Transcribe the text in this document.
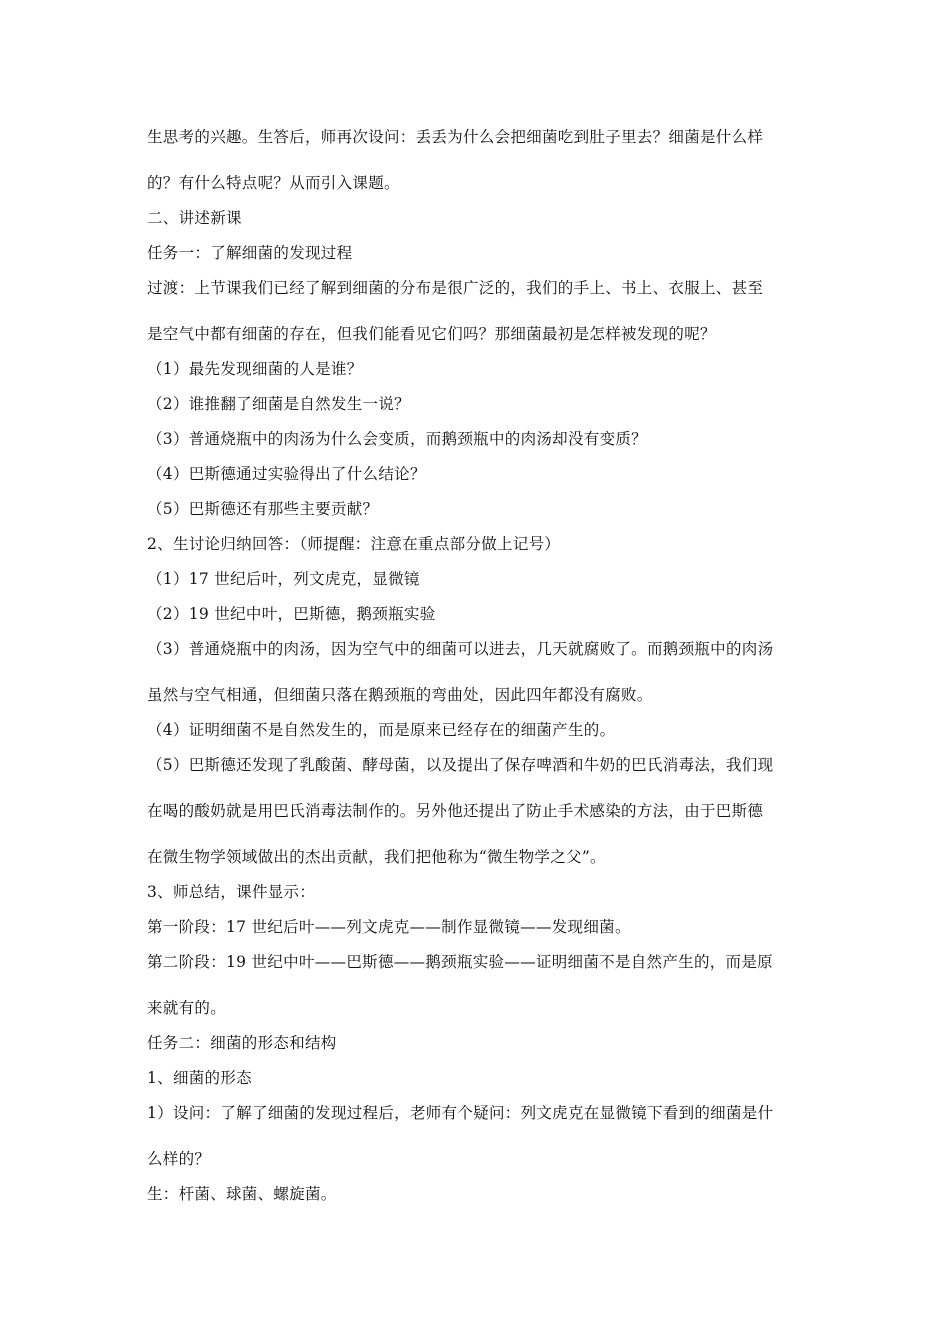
生思考的兴趣。生答后，师再次设问：丢丢为什么会把细菌吃到肚子里去？细菌是什么样

的？有什么特点呢？从而引入课题。

二、讲述新课

任务一：了解细菌的发现过程

过渡：上节课我们已经了解到细菌的分布是很广泛的，我们的手上、书上、衣服上、甚至

是空气中都有细菌的存在，但我们能看见它们吗？那细菌最初是怎样被发现的呢？

（1）最先发现细菌的人是谁？

（2）谁推翻了细菌是自然发生一说？

（3）普通烧瓶中的肉汤为什么会变质，而鹅颈瓶中的肉汤却没有变质？

（4）巴斯德通过实验得出了什么结论？

（5）巴斯德还有那些主要贡献？

2、生讨论归纳回答：（师提醒：注意在重点部分做上记号）

（1）17 世纪后叶，列文虎克，显微镜

（2）19 世纪中叶，巴斯德，鹅颈瓶实验

（3）普通烧瓶中的肉汤，因为空气中的细菌可以进去，几天就腐败了。而鹅颈瓶中的肉汤

虽然与空气相通，但细菌只落在鹅颈瓶的弯曲处，因此四年都没有腐败。

（4）证明细菌不是自然发生的，而是原来已经存在的细菌产生的。

（5）巴斯德还发现了乳酸菌、酵母菌，以及提出了保存啤酒和牛奶的巴氏消毒法，我们现

在喝的酸奶就是用巴氏消毒法制作的。另外他还提出了防止手术感染的方法，由于巴斯德

在微生物学领域做出的杰出贡献，我们把他称为“微生物学之父”。

3、师总结，课件显示：

第一阶段：17 世纪后叶——列文虎克——制作显微镜——发现细菌。

第二阶段：19 世纪中叶——巴斯德——鹅颈瓶实验——证明细菌不是自然产生的，而是原

来就有的。

任务二：细菌的形态和结构

1、细菌的形态

1）设问：了解了细菌的发现过程后，老师有个疑问：列文虎克在显微镜下看到的细菌是什

么样的？

生：杆菌、球菌、螺旋菌。
